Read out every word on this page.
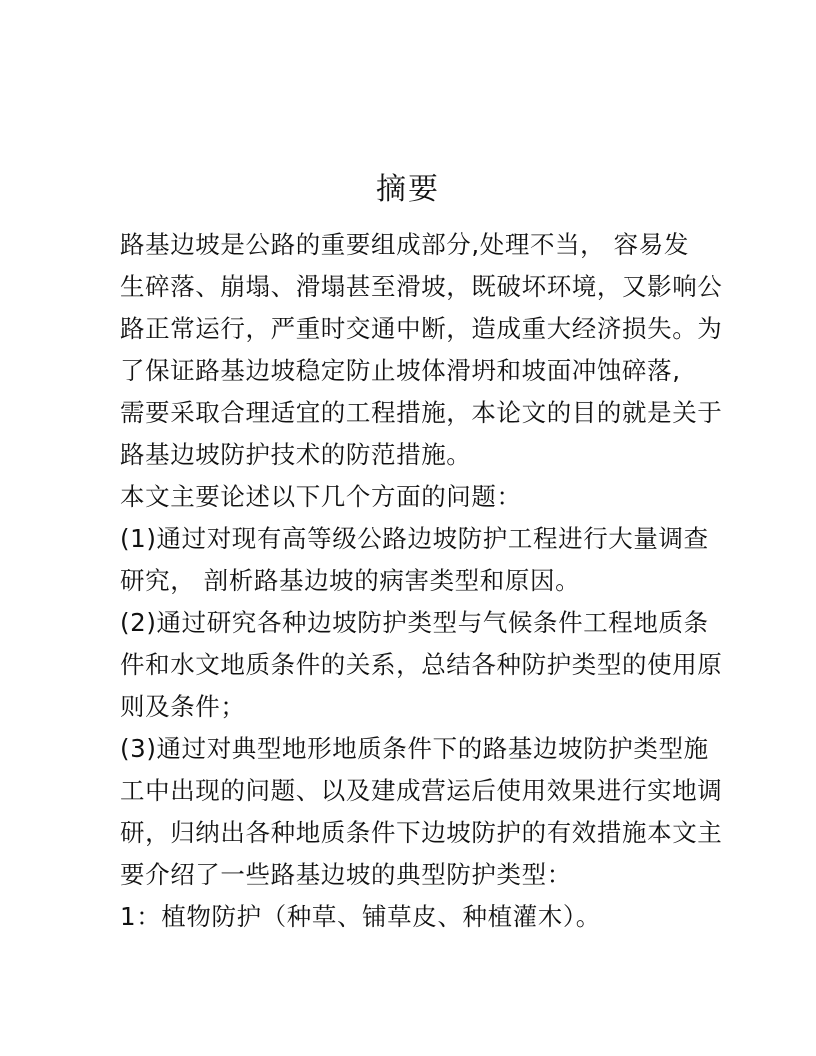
摘要
路基边坡是公路的重要组成部分,处理不当， 容易发
生碎落、崩塌、滑塌甚至滑坡，既破坏环境，又影响公
路正常运行，严重时交通中断，造成重大经济损失。为
了保证路基边坡稳定防止坡体滑坍和坡面冲蚀碎落,
需要采取合理适宜的工程措施，本论文的目的就是关于
路基边坡防护技术的防范措施。
本文主要论述以下几个方面的问题：
(1)通过对现有高等级公路边坡防护工程进行大量调查
研究， 剖析路基边坡的病害类型和原因。
(2)通过研究各种边坡防护类型与气候条件工程地质条
件和水文地质条件的关系，总结各种防护类型的使用原
则及条件；
(3)通过对典型地形地质条件下的路基边坡防护类型施
工中出现的问题、以及建成营运后使用效果进行实地调
研，归纳出各种地质条件下边坡防护的有效措施本文主
要介绍了一些路基边坡的典型防护类型：
1：植物防护（种草、铺草皮、种植灌木）。
